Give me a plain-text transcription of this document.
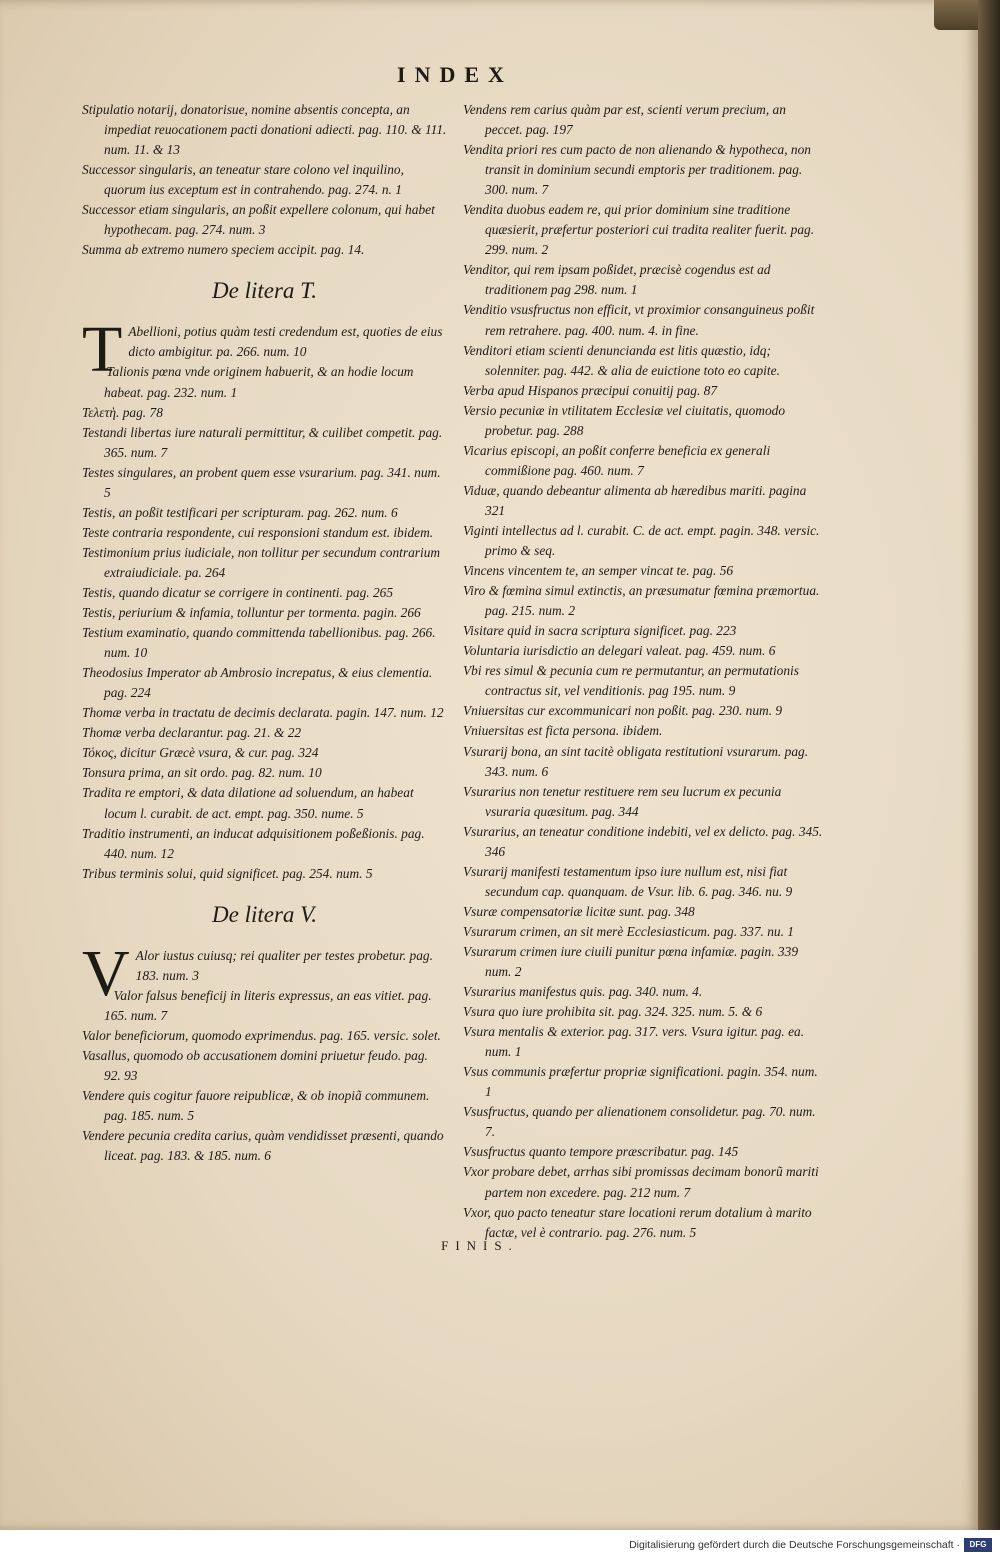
INDEX

Stipulatio notarij, donatorisue, nomine absentis concepta, an impediat reuocationem pacti donationi adiecti. pag. 110. & 111. num. 11. & 13

Successor singularis, an teneatur stare colono vel inquilino, quorum ius exceptum est in contrahendo. pag. 274. n. 1

Successor etiam singularis, an poßit expellere colonum, qui habet hypothecam. pag. 274. num. 3

Summa ab extremo numero speciem accipit. pag. 14.

De litera T.
T Abellioni, potius quàm testi credendum est, quoties de eius dicto ambigitur. pa. 266. num. 10

Talionis pœna vnde originem habuerit, & an hodie locum habeat. pag. 232. num. 1

Τελετὴ. pag. 78

Testandi libertas iure naturali permittitur, & cuilibet competit. pag. 365. num. 7

Testes singulares, an probent quem esse vsurarium. pag. 341. num. 5

Testis, an poßit testificari per scripturam. pag. 262. num. 6

Teste contraria respondente, cui responsioni standum est. ibidem.

Testimonium prius iudiciale, non tollitur per secundum contrarium extraiudiciale. pa. 264

Testis, quando dicatur se corrigere in continenti. pag. 265

Testis, periurium & infamia, tolluntur per tormenta. pagin. 266

Testium examinatio, quando committenda tabellionibus. pag. 266. num. 10

Theodosius Imperator ab Ambrosio increpatus, & eius clementia. pag. 224

Thomæ verba in tractatu de decimis declarata. pagin. 147. num. 12

Thomæ verba declarantur. pag. 21. & 22

Τόκος, dicitur Græcè vsura, & cur. pag. 324

Tonsura prima, an sit ordo. pag. 82. num. 10

Tradita re emptori, & data dilatione ad soluendum, an habeat locum l. curabit. de act. empt. pag. 350. nume. 5

Traditio instrumenti, an inducat adquisitionem poßeßionis. pag. 440. num. 12

Tribus terminis solui, quid significet. pag. 254. num. 5

De litera V.
V Alor iustus cuiusq; rei qualiter per testes probetur. pag. 183. num. 3

Valor falsus beneficij in literis expressus, an eas vitiet. pag. 165. num. 7

Valor beneficiorum, quomodo exprimendus. pag. 165. versic. solet.

Vasallus, quomodo ob accusationem domini priuetur feudo. pag. 92. 93

Vendere quis cogitur fauore reipublicæ, & ob inopiã communem. pag. 185. num. 5

Vendere pecunia credita carius, quàm vendidisset præsenti, quando liceat. pag. 183. & 185. num. 6

Vendens rem carius quàm par est, scienti verum precium, an peccet. pag. 197

Vendita priori res cum pacto de non alienando & hypotheca, non transit in dominium secundi emptoris per traditionem. pag. 300. num. 7

Vendita duobus eadem re, qui prior dominium sine traditione quæsierit, præfertur posteriori cui tradita realiter fuerit. pag. 299. num. 2

Venditor, qui rem ipsam poßidet, præcisè cogendus est ad traditionem pag 298. num. 1

Venditio vsusfructus non efficit, vt proximior consanguineus poßit rem retrahere. pag. 400. num. 4. in fine.

Venditori etiam scienti denuncianda est litis quæstio, idq; solenniter. pag. 442. & alia de euictione toto eo capite.

Verba apud Hispanos præcipui conuitij pag. 87

Versio pecuniæ in vtilitatem Ecclesiæ vel ciuitatis, quomodo probetur. pag. 288

Vicarius episcopi, an poßit conferre beneficia ex generali commißione pag. 460. num. 7

Viduæ, quando debeantur alimenta ab hæredibus mariti. pagina 321

Viginti intellectus ad l. curabit. C. de act. empt. pagin. 348. versic. primo & seq.

Vincens vincentem te, an semper vincat te. pag. 56

Viro & fœmina simul extinctis, an præsumatur fœmina præmortua. pag. 215. num. 2

Visitare quid in sacra scriptura significet. pag. 223

Voluntaria iurisdictio an delegari valeat. pag. 459. num. 6

Vbi res simul & pecunia cum re permutantur, an permutationis contractus sit, vel venditionis. pag 195. num. 9

Vniuersitas cur excommunicari non poßit. pag. 230. num. 9

Vniuersitas est ficta persona. ibidem.

Vsurarij bona, an sint tacitè obligata restitutioni vsurarum. pag. 343. num. 6

Vsurarius non tenetur restituere rem seu lucrum ex pecunia vsuraria quæsitum. pag. 344

Vsurarius, an teneatur conditione indebiti, vel ex delicto. pag. 345. 346

Vsurarij manifesti testamentum ipso iure nullum est, nisi fiat secundum cap. quanquam. de Vsur. lib. 6. pag. 346. nu. 9

Vsuræ compensatoriæ licitæ sunt. pag. 348

Vsurarum crimen, an sit merè Ecclesiasticum. pag. 337. nu. 1

Vsurarum crimen iure ciuili punitur pœna infamiæ. pagin. 339 num. 2

Vsurarius manifestus quis. pag. 340. num. 4.

Vsura quo iure prohibita sit. pag. 324. 325. num. 5. & 6

Vsura mentalis & exterior. pag. 317. vers. Vsura igitur. pag. ea. num. 1

Vsus communis præfertur propriæ significationi. pagin. 354. num. 1

Vsusfructus, quando per alienationem consolidetur. pag. 70. num. 7.

Vsusfructus quanto tempore præscribatur. pag. 145

Vxor probare debet, arrhas sibi promissas decimam bonorũ mariti partem non excedere. pag. 212 num. 7

Vxor, quo pacto teneatur stare locationi rerum dotalium à marito factæ, vel è contrario. pag. 276. num. 5

FINIS.
Digitalisierung gefördert durch die Deutsche Forschungsgemeinschaft ·	DFG
